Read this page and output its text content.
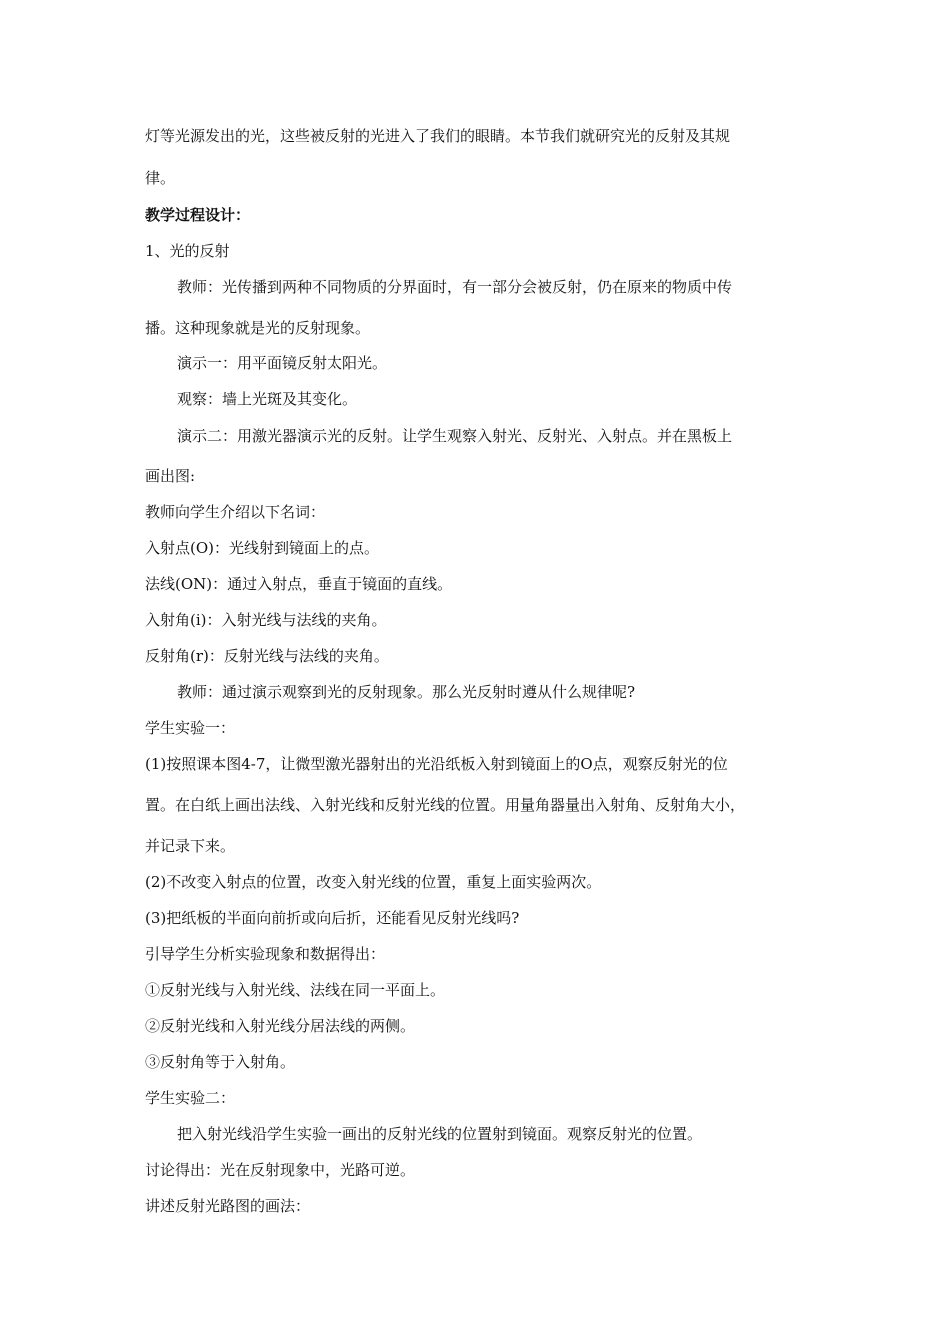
灯等光源发出的光，这些被反射的光进入了我们的眼睛。本节我们就研究光的反射及其规

律。

教学过程设计：

1、光的反射

教师：光传播到两种不同物质的分界面时，有一部分会被反射，仍在原来的物质中传

播。这种现象就是光的反射现象。

演示一：用平面镜反射太阳光。

观察：墙上光斑及其变化。

演示二：用激光器演示光的反射。让学生观察入射光、反射光、入射点。并在黑板上

画出图:

教师向学生介绍以下名词：

入射点(O)：光线射到镜面上的点。

法线(ON)：通过入射点，垂直于镜面的直线。

入射角(i)：入射光线与法线的夹角。

反射角(r)：反射光线与法线的夹角。

教师：通过演示观察到光的反射现象。那么光反射时遵从什么规律呢?

学生实验一：

(1)按照课本图4-7，让微型激光器射出的光沿纸板入射到镜面上的O点，观察反射光的位

置。在白纸上画出法线、入射光线和反射光线的位置。用量角器量出入射角、反射角大小，

并记录下来。

(2)不改变入射点的位置，改变入射光线的位置，重复上面实验两次。

(3)把纸板的半面向前折或向后折，还能看见反射光线吗?

引导学生分析实验现象和数据得出：

①反射光线与入射光线、法线在同一平面上。

②反射光线和入射光线分居法线的两侧。

③反射角等于入射角。

学生实验二：

把入射光线沿学生实验一画出的反射光线的位置射到镜面。观察反射光的位置。

讨论得出：光在反射现象中，光路可逆。

讲述反射光路图的画法：
